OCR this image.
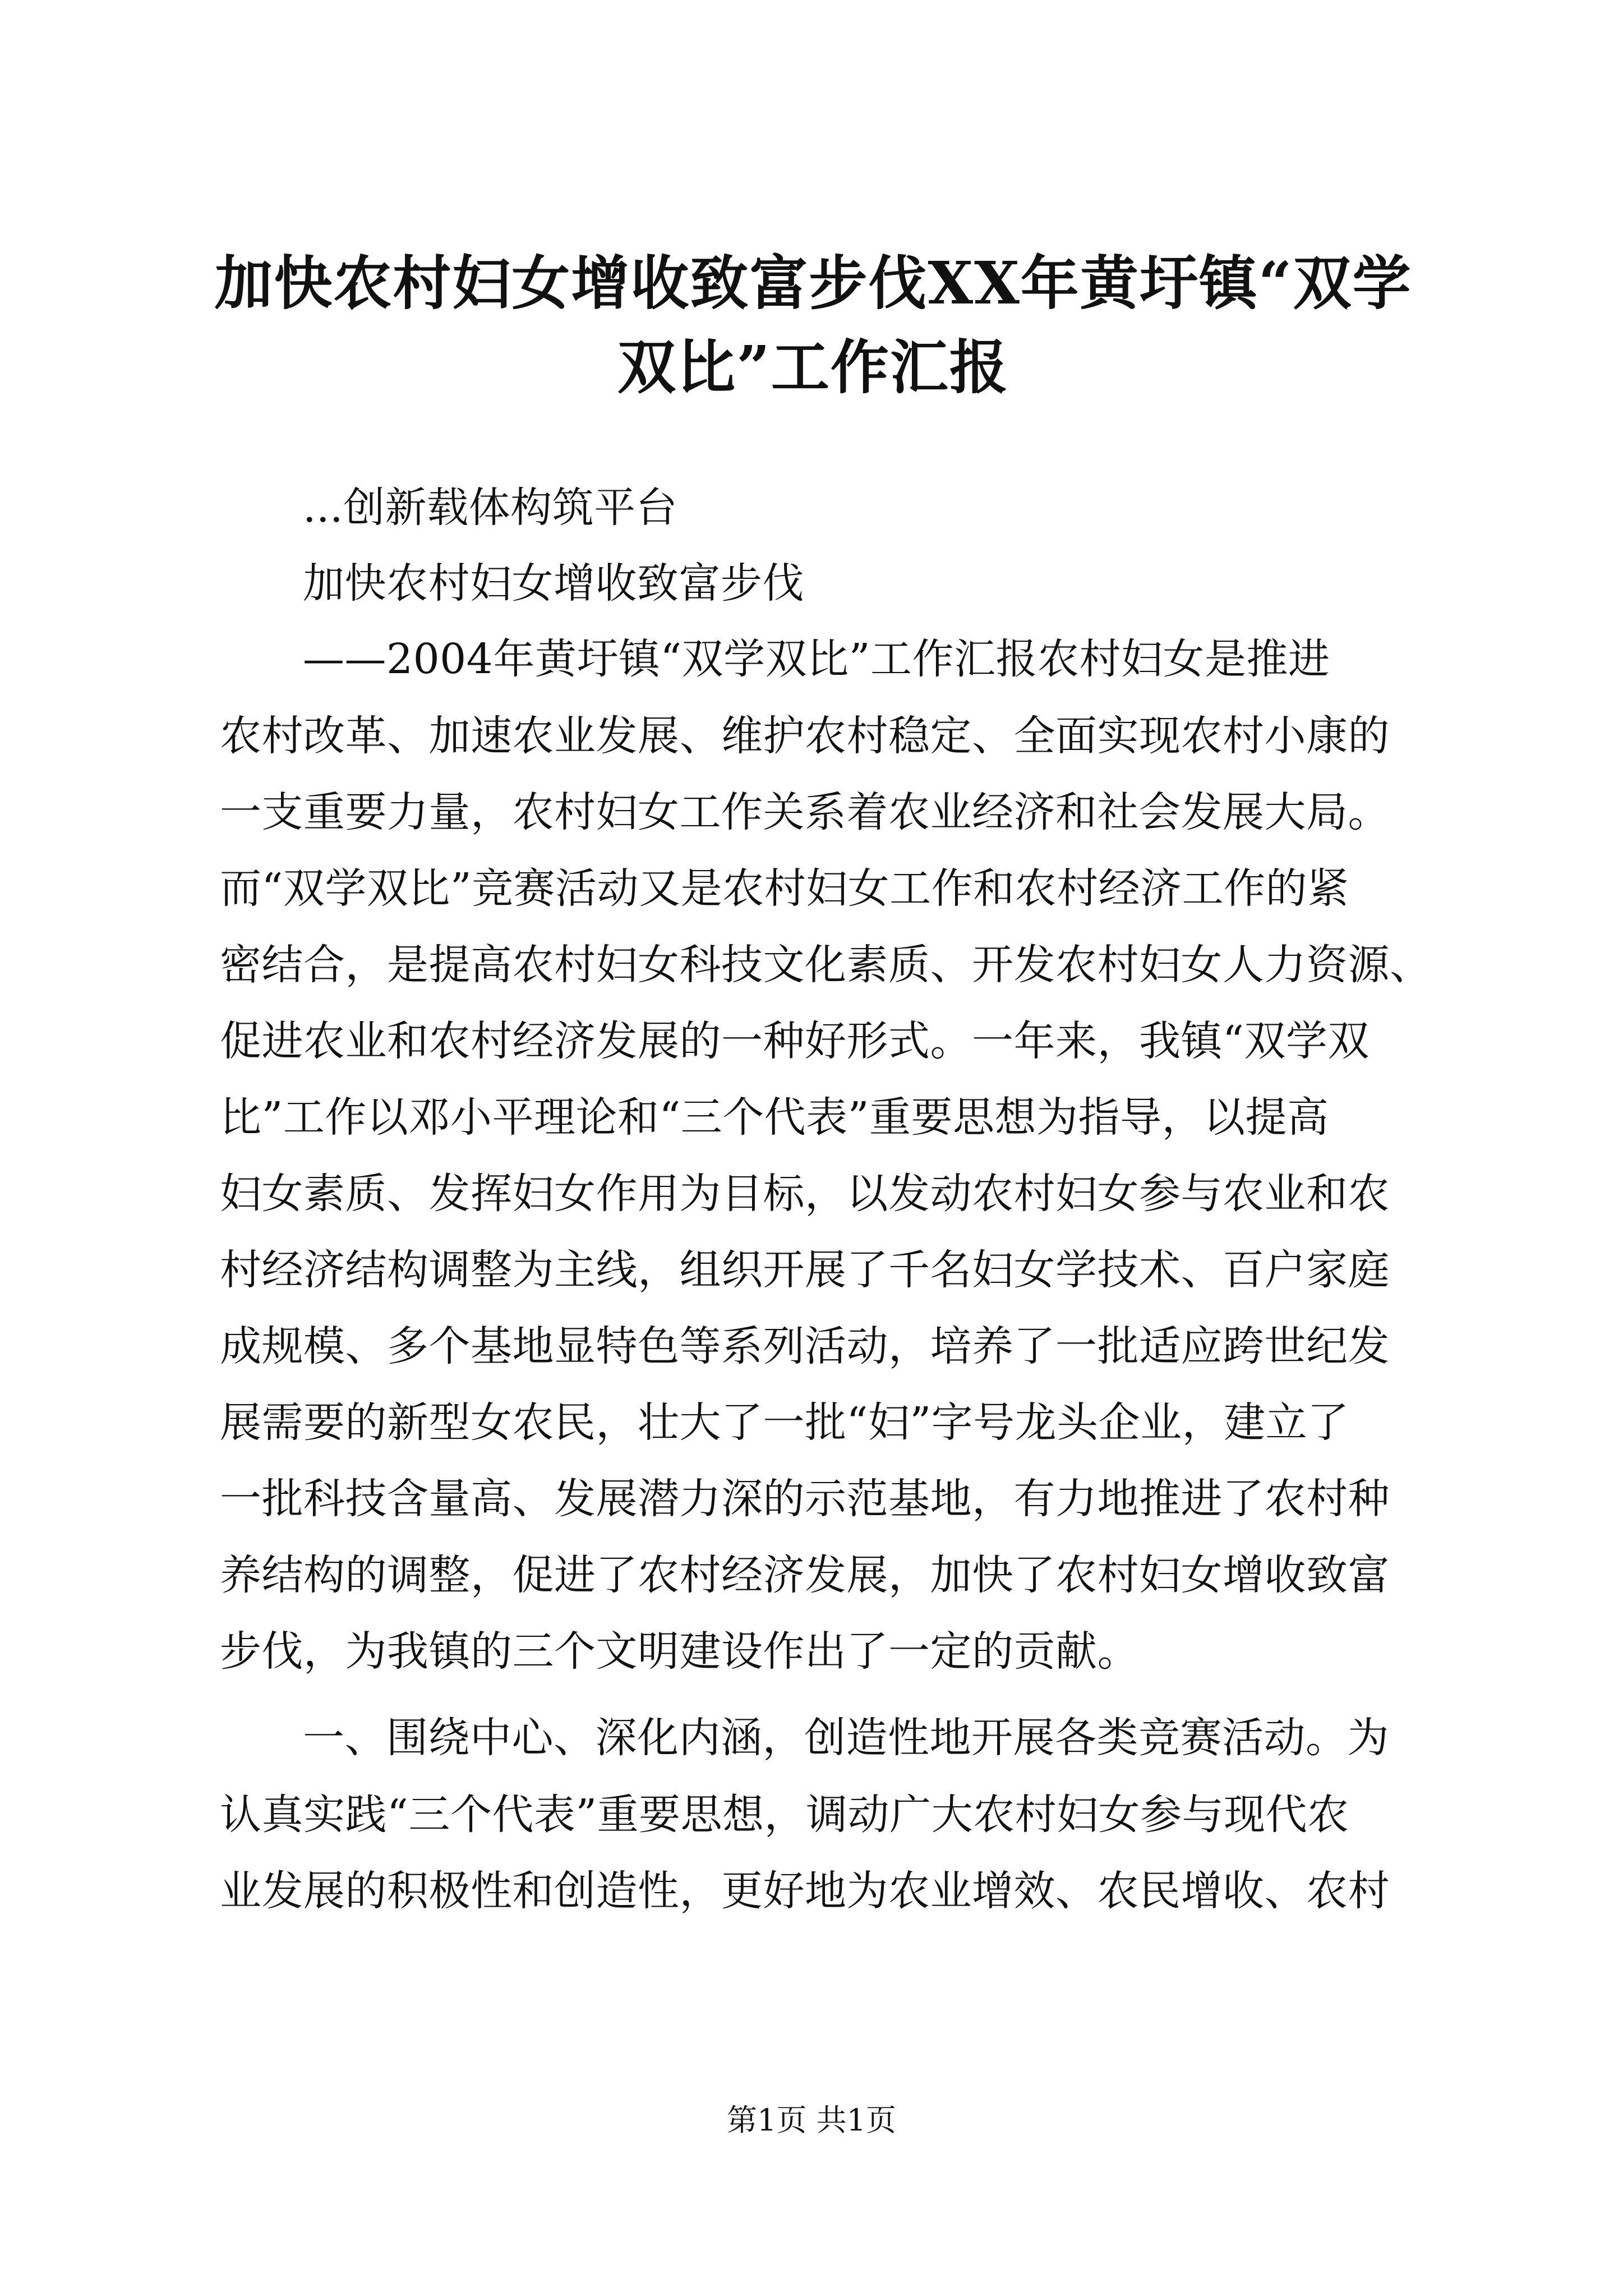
加快农村妇女增收致富步伐XX年黄圩镇“双学双比”工作汇报
...创新载体构筑平台
加快农村妇女增收致富步伐
——2004年黄圩镇“双学双比”工作汇报农村妇女是推进
农村改革、加速农业发展、维护农村稳定、全面实现农村小康的
一支重要力量，农村妇女工作关系着农业经济和社会发展大局。
而“双学双比”竞赛活动又是农村妇女工作和农村经济工作的紧
密结合，是提高农村妇女科技文化素质、开发农村妇女人力资源、
促进农业和农村经济发展的一种好形式。一年来，我镇“双学双
比”工作以邓小平理论和“三个代表”重要思想为指导，以提高
妇女素质、发挥妇女作用为目标，以发动农村妇女参与农业和农
村经济结构调整为主线，组织开展了千名妇女学技术、百户家庭
成规模、多个基地显特色等系列活动，培养了一批适应跨世纪发
展需要的新型女农民，壮大了一批“妇”字号龙头企业，建立了
一批科技含量高、发展潜力深的示范基地，有力地推进了农村种
养结构的调整，促进了农村经济发展，加快了农村妇女增收致富
步伐，为我镇的三个文明建设作出了一定的贡献。
一、围绕中心、深化内涵，创造性地开展各类竞赛活动。为
认真实践“三个代表”重要思想，调动广大农村妇女参与现代农
业发展的积极性和创造性，更好地为农业增效、农民增收、农村
第1页 共1页
